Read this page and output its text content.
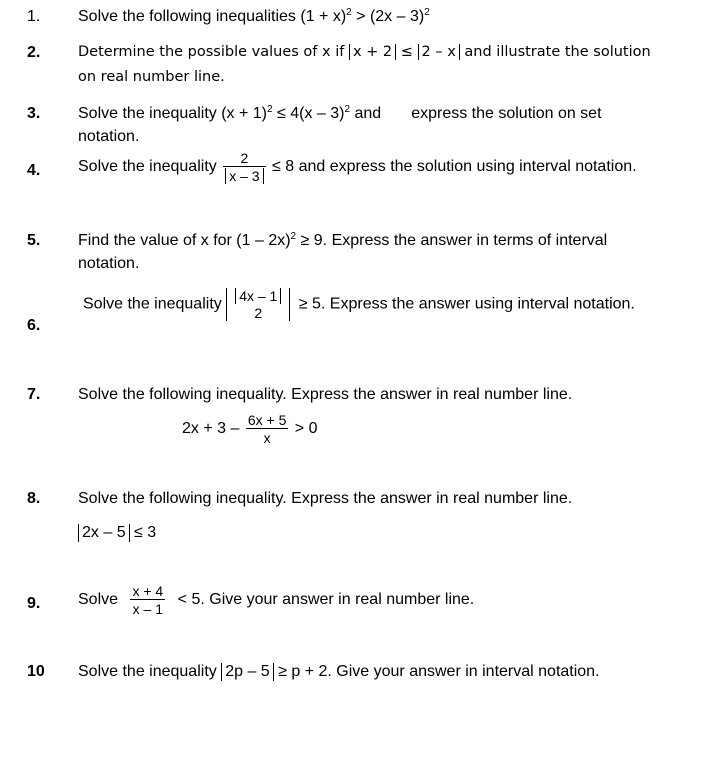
1. Solve the following inequalities $(1 + x)^2 > (2x - 3)^2$
2.	Determine the possible values of x if x + 2 ≤ 2 – x and illustrate the solution
on real number line.
3. Solve the inequality $(x + 1)^2 \le 4(x - 3)^2$ and express the solution on set
notation.
4. Solve the inequality $\frac{2}{x - 3} \le 8$ and express the solution using interval notation.
5. Find the value of x for (1 – 2x)$^2$ ≥ 9. Express the answer in terms of interval
notation.
6.
Solve the inequality 4x – 1
2
≥ 5. Express the answer using interval notation.
7. Solve the following inequality. Express the answer in real number line.
$2x + 3 - \frac{6x + 5}{x} > 0$
8. Solve the following inequality. Express the answer in real number line.
2x – 5 ≤ 3
9. Solve $\frac{x + 4}{x - 1} < 5$. Give your answer in real number line.
10 Solve the inequality 2p – 5 ≥ p + 2. Give your answer in interval notation.
